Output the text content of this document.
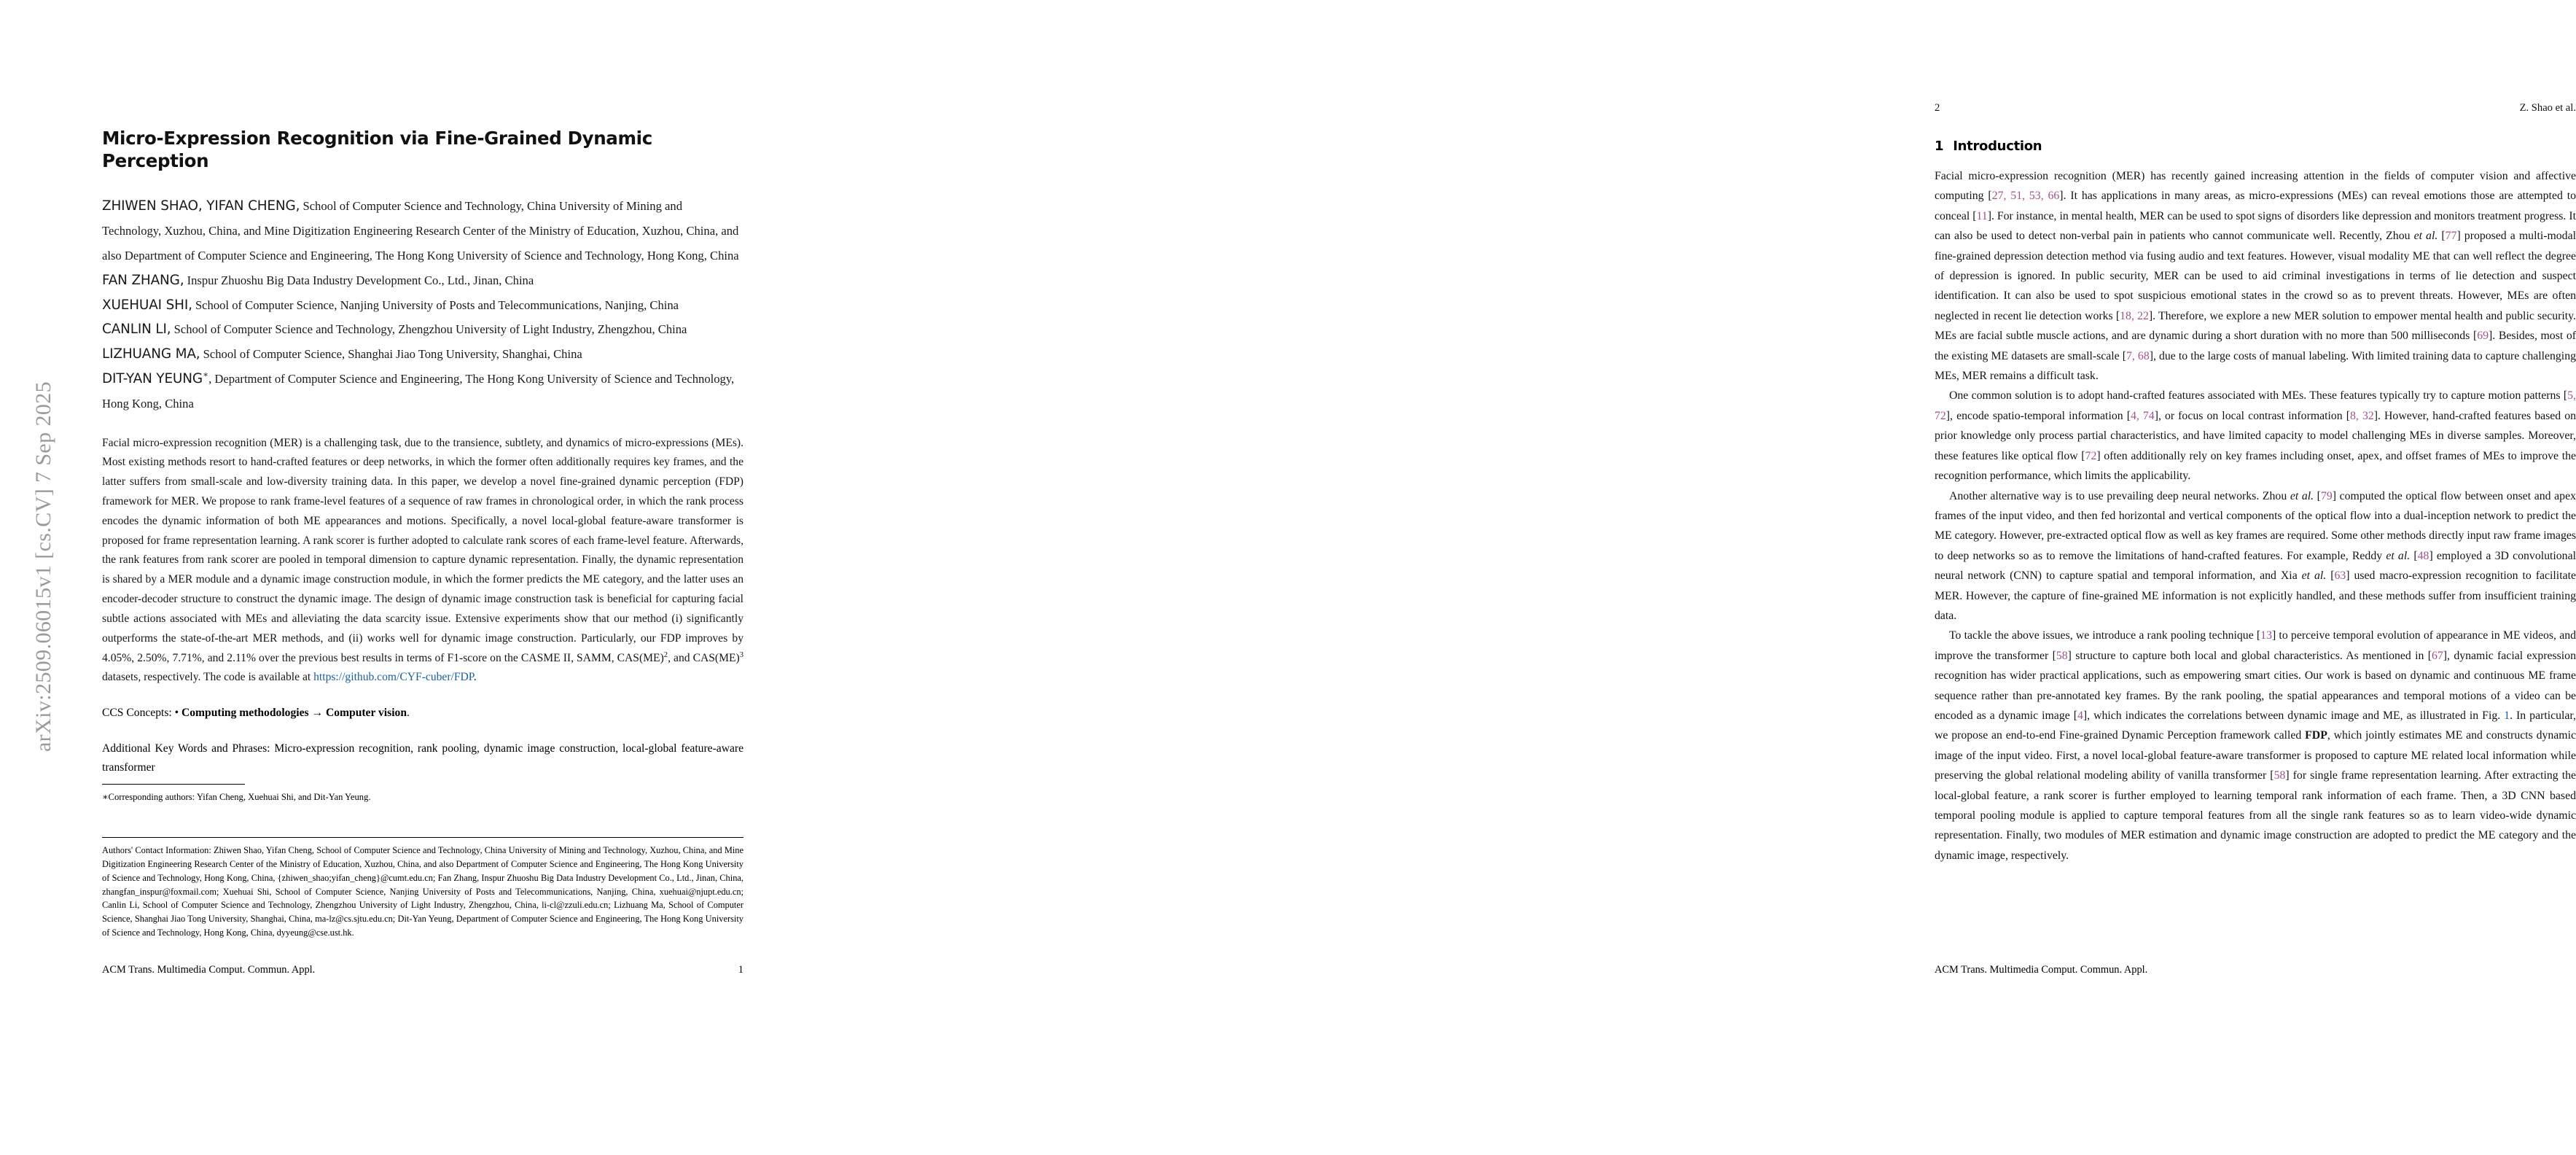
arXiv:2509.06015v1 [cs.CV] 7 Sep 2025
Micro-Expression Recognition via Fine-Grained Dynamic Perception

ZHIWEN SHAO, YIFAN CHENG, School of Computer Science and Technology, China University of Mining and Technology, Xuzhou, China, and Mine Digitization Engineering Research Center of the Ministry of Education, Xuzhou, China, and also Department of Computer Science and Engineering, The Hong Kong University of Science and Technology, Hong Kong, China

FAN ZHANG, Inspur Zhuoshu Big Data Industry Development Co., Ltd., Jinan, China

XUEHUAI SHI, School of Computer Science, Nanjing University of Posts and Telecommunications, Nanjing, China

CANLIN LI, School of Computer Science and Technology, Zhengzhou University of Light Industry, Zhengzhou, China

LIZHUANG MA, School of Computer Science, Shanghai Jiao Tong University, Shanghai, China

DIT-YAN YEUNG∗, Department of Computer Science and Engineering, The Hong Kong University of Science and Technology, Hong Kong, China

Facial micro-expression recognition (MER) is a challenging task, due to the transience, subtlety, and dynamics of micro-expressions (MEs). Most existing methods resort to hand-crafted features or deep networks, in which the former often additionally requires key frames, and the latter suffers from small-scale and low-diversity training data. In this paper, we develop a novel fine-grained dynamic perception (FDP) framework for MER. We propose to rank frame-level features of a sequence of raw frames in chronological order, in which the rank process encodes the dynamic information of both ME appearances and motions. Specifically, a novel local-global feature-aware transformer is proposed for frame representation learning. A rank scorer is further adopted to calculate rank scores of each frame-level feature. Afterwards, the rank features from rank scorer are pooled in temporal dimension to capture dynamic representation. Finally, the dynamic representation is shared by a MER module and a dynamic image construction module, in which the former predicts the ME category, and the latter uses an encoder-decoder structure to construct the dynamic image. The design of dynamic image construction task is beneficial for capturing facial subtle actions associated with MEs and alleviating the data scarcity issue. Extensive experiments show that our method (i) significantly outperforms the state-of-the-art MER methods, and (ii) works well for dynamic image construction. Particularly, our FDP improves by 4.05%, 2.50%, 7.71%, and 2.11% over the previous best results in terms of F1-score on the CASME II, SAMM, CAS(ME)$^2$, and CAS(ME)$^3$ datasets, respectively. The code is available at https://github.com/CYF-cuber/FDP.
CCS Concepts: • Computing methodologies → Computer vision.
Additional Key Words and Phrases: Micro-expression recognition, rank pooling, dynamic image construction, local-global feature-aware transformer
∗Corresponding authors: Yifan Cheng, Xuehuai Shi, and Dit-Yan Yeung.
Authors' Contact Information: Zhiwen Shao, Yifan Cheng, School of Computer Science and Technology, China University of Mining and Technology, Xuzhou, China, and Mine Digitization Engineering Research Center of the Ministry of Education, Xuzhou, China, and also Department of Computer Science and Engineering, The Hong Kong University of Science and Technology, Hong Kong, China, {zhiwen_shao;yifan_cheng}@cumt.edu.cn; Fan Zhang, Inspur Zhuoshu Big Data Industry Development Co., Ltd., Jinan, China, zhangfan_inspur@foxmail.com; Xuehuai Shi, School of Computer Science, Nanjing University of Posts and Telecommunications, Nanjing, China, xuehuai@njupt.edu.cn; Canlin Li, School of Computer Science and Technology, Zhengzhou University of Light Industry, Zhengzhou, China, li-cl@zzuli.edu.cn; Lizhuang Ma, School of Computer Science, Shanghai Jiao Tong University, Shanghai, China, ma-lz@cs.sjtu.edu.cn; Dit-Yan Yeung, Department of Computer Science and Engineering, The Hong Kong University of Science and Technology, Hong Kong, China, dyyeung@cse.ust.hk.
ACM Trans. Multimedia Comput. Commun. Appl.	1
2	Z. Shao et al.
1 Introduction

Facial micro-expression recognition (MER) has recently gained increasing attention in the fields of computer vision and affective computing [27, 51, 53, 66]. It has applications in many areas, as micro-expressions (MEs) can reveal emotions those are attempted to conceal [11]. For instance, in mental health, MER can be used to spot signs of disorders like depression and monitors treatment progress. It can also be used to detect non-verbal pain in patients who cannot communicate well. Recently, Zhou et al. [77] proposed a multi-modal fine-grained depression detection method via fusing audio and text features. However, visual modality ME that can well reflect the degree of depression is ignored. In public security, MER can be used to aid criminal investigations in terms of lie detection and suspect identification. It can also be used to spot suspicious emotional states in the crowd so as to prevent threats. However, MEs are often neglected in recent lie detection works [18, 22]. Therefore, we explore a new MER solution to empower mental health and public security. MEs are facial subtle muscle actions, and are dynamic during a short duration with no more than 500 milliseconds [69]. Besides, most of the existing ME datasets are small-scale [7, 68], due to the large costs of manual labeling. With limited training data to capture challenging MEs, MER remains a difficult task.

One common solution is to adopt hand-crafted features associated with MEs. These features typically try to capture motion patterns [5, 72], encode spatio-temporal information [4, 74], or focus on local contrast information [8, 32]. However, hand-crafted features based on prior knowledge only process partial characteristics, and have limited capacity to model challenging MEs in diverse samples. Moreover, these features like optical flow [72] often additionally rely on key frames including onset, apex, and offset frames of MEs to improve the recognition performance, which limits the applicability.

Another alternative way is to use prevailing deep neural networks. Zhou et al. [79] computed the optical flow between onset and apex frames of the input video, and then fed horizontal and vertical components of the optical flow into a dual-inception network to predict the ME category. However, pre-extracted optical flow as well as key frames are required. Some other methods directly input raw frame images to deep networks so as to remove the limitations of hand-crafted features. For example, Reddy et al. [48] employed a 3D convolutional neural network (CNN) to capture spatial and temporal information, and Xia et al. [63] used macro-expression recognition to facilitate MER. However, the capture of fine-grained ME information is not explicitly handled, and these methods suffer from insufficient training data.

To tackle the above issues, we introduce a rank pooling technique [13] to perceive temporal evolution of appearance in ME videos, and improve the transformer [58] structure to capture both local and global characteristics. As mentioned in [67], dynamic facial expression recognition has wider practical applications, such as empowering smart cities. Our work is based on dynamic and continuous ME frame sequence rather than pre-annotated key frames. By the rank pooling, the spatial appearances and temporal motions of a video can be encoded as a dynamic image [4], which indicates the correlations between dynamic image and ME, as illustrated in Fig. 1. In particular, we propose an end-to-end Fine-grained Dynamic Perception framework called FDP, which jointly estimates ME and constructs dynamic image of the input video. First, a novel local-global feature-aware transformer is proposed to capture ME related local information while preserving the global relational modeling ability of vanilla transformer [58] for single frame representation learning. After extracting the local-global feature, a rank scorer is further employed to learning temporal rank information of each frame. Then, a 3D CNN based temporal pooling module is applied to capture temporal features from all the single rank features so as to learn video-wide dynamic representation. Finally, two modules of MER estimation and dynamic image construction are adopted to predict the ME category and the dynamic image, respectively.

ACM Trans. Multimedia Comput. Commun. Appl.
